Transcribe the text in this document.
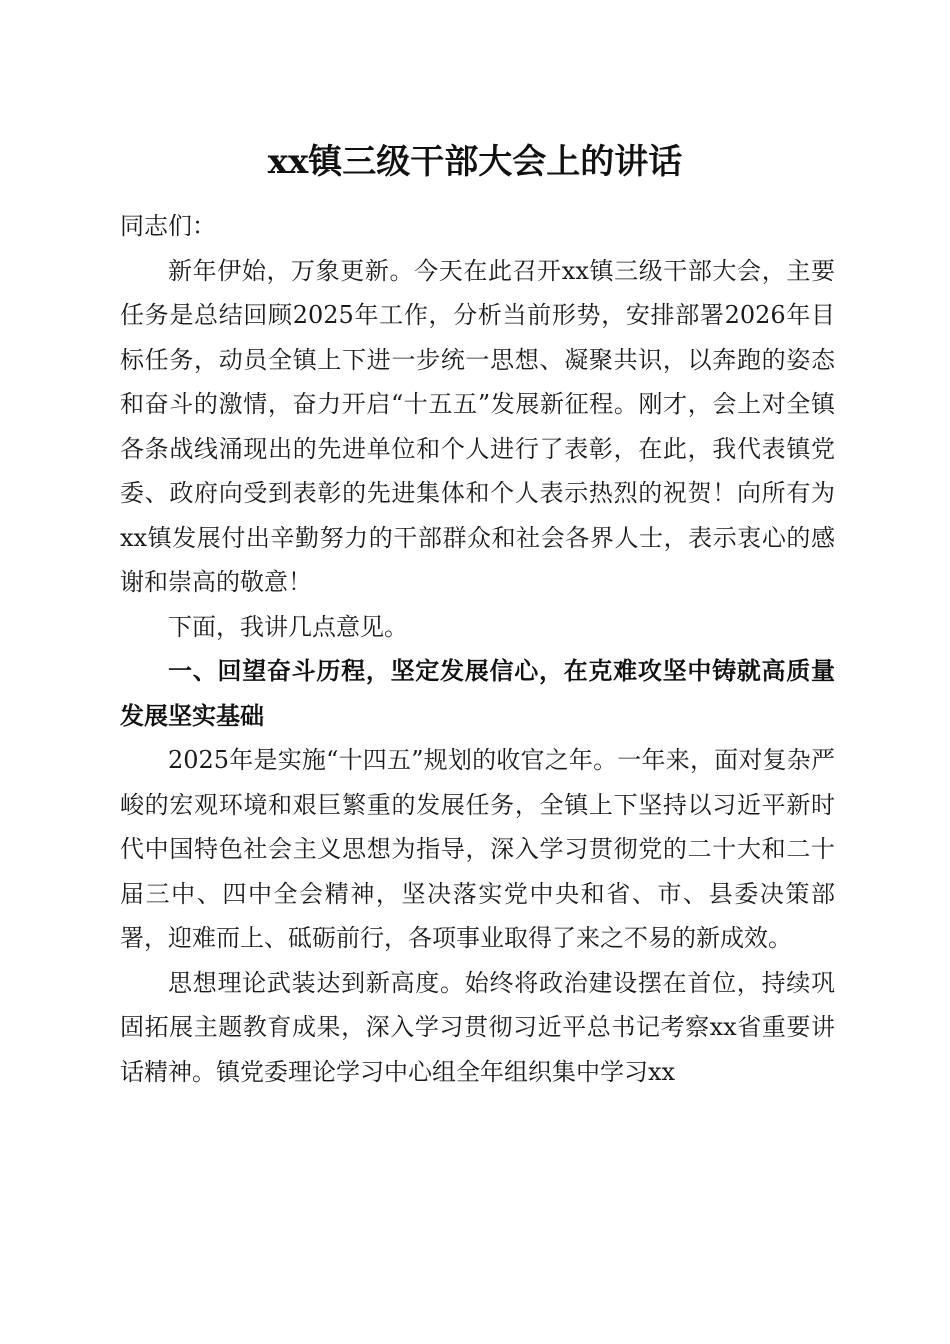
xx镇三级干部大会上的讲话

同志们：

新年伊始，万象更新。今天在此召开xx镇三级干部大会，主要任务是总结回顾2025年工作，分析当前形势，安排部署2026年目标任务，动员全镇上下进一步统一思想、凝聚共识，以奔跑的姿态和奋斗的激情，奋力开启“十五五”发展新征程。刚才，会上对全镇各条战线涌现出的先进单位和个人进行了表彰，在此，我代表镇党委、政府向受到表彰的先进集体和个人表示热烈的祝贺！向所有为xx镇发展付出辛勤努力的干部群众和社会各界人士，表示衷心的感谢和崇高的敬意！

下面，我讲几点意见。

一、回望奋斗历程，坚定发展信心，在克难攻坚中铸就高质量发展坚实基础

2025年是实施“十四五”规划的收官之年。一年来，面对复杂严峻的宏观环境和艰巨繁重的发展任务，全镇上下坚持以习近平新时代中国特色社会主义思想为指导，深入学习贯彻党的二十大和二十届三中、四中全会精神，坚决落实党中央和省、市、县委决策部署，迎难而上、砥砺前行，各项事业取得了来之不易的新成效。

思想理论武装达到新高度。始终将政治建设摆在首位，持续巩固拓展主题教育成果，深入学习贯彻习近平总书记考察xx省重要讲话精神。镇党委理论学习中心组全年组织集中学习xx
